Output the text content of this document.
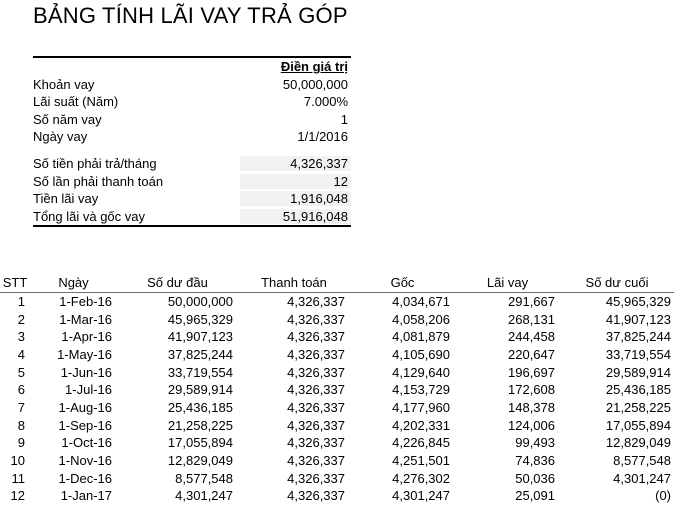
BẢNG TÍNH LÃI VAY TRẢ GÓP
Điền giá trị
Khoản vay	50,000,000
Lãi suất (Năm)	7.000%
Số năm vay	1
Ngày vay	1/1/2016
Số tiền phải trả/tháng	4,326,337
Số lần phải thanh toán	12
Tiền lãi vay	1,916,048
Tổng lãi và gốc vay	51,916,048
STT	Ngày	Số dư đầu	Thanh toán	Gốc	Lãi vay	Số dư cuối
1	1-Feb-16	50,000,000	4,326,337	4,034,671	291,667	45,965,329
2	1-Mar-16	45,965,329	4,326,337	4,058,206	268,131	41,907,123
3	1-Apr-16	41,907,123	4,326,337	4,081,879	244,458	37,825,244
4	1-May-16	37,825,244	4,326,337	4,105,690	220,647	33,719,554
5	1-Jun-16	33,719,554	4,326,337	4,129,640	196,697	29,589,914
6	1-Jul-16	29,589,914	4,326,337	4,153,729	172,608	25,436,185
7	1-Aug-16	25,436,185	4,326,337	4,177,960	148,378	21,258,225
8	1-Sep-16	21,258,225	4,326,337	4,202,331	124,006	17,055,894
9	1-Oct-16	17,055,894	4,326,337	4,226,845	99,493	12,829,049
10	1-Nov-16	12,829,049	4,326,337	4,251,501	74,836	8,577,548
11	1-Dec-16	8,577,548	4,326,337	4,276,302	50,036	4,301,247
12	1-Jan-17	4,301,247	4,326,337	4,301,247	25,091	(0)
